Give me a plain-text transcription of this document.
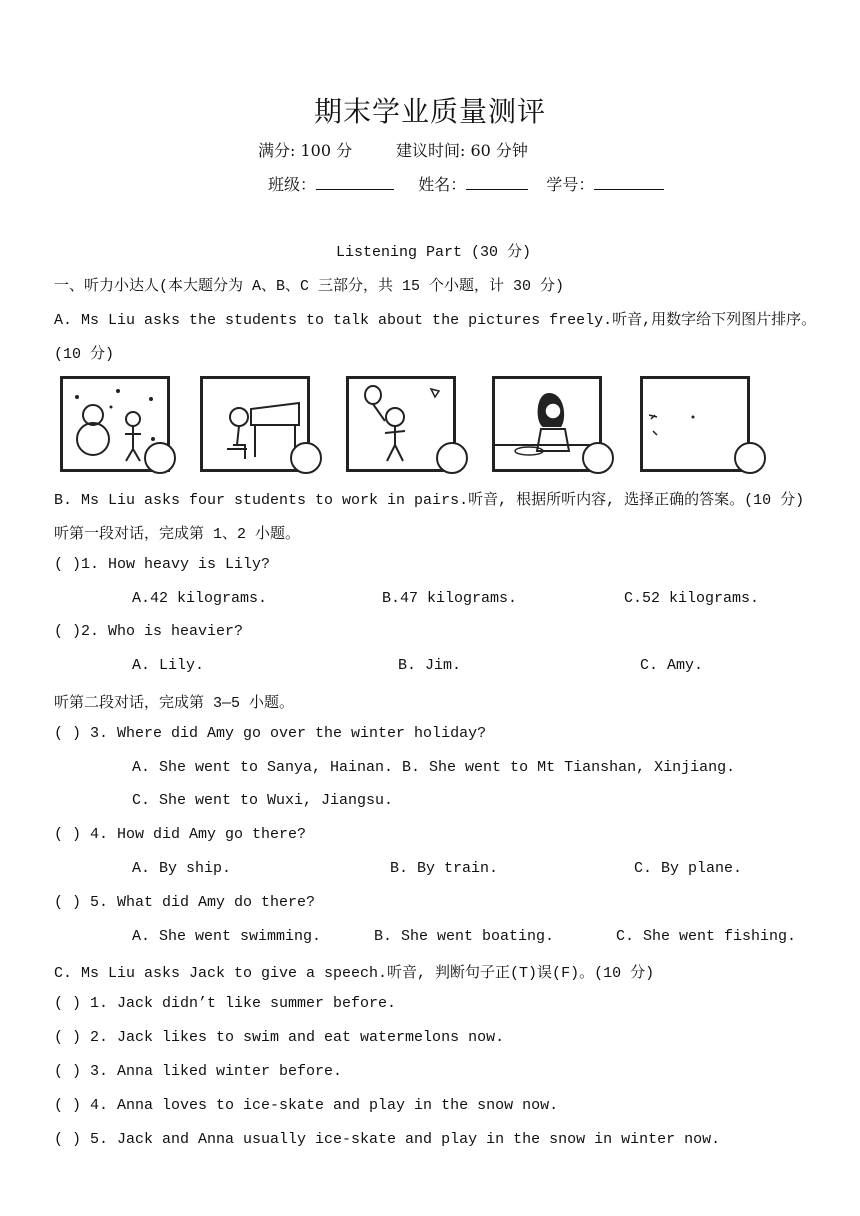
期末学业质量测评
满分: 100 分	建议时间: 60 分钟
班级：	姓名：	学号：
Listening Part (30 分)
一、听力小达人(本大题分为 A、B、C 三部分，共 15 个小题，计 30 分)
A. Ms Liu asks the students to talk about the pictures freely.听音,用数字给下列图片排序。
(10 分)
B. Ms Liu asks four students to work in pairs.听音, 根据所听内容, 选择正确的答案。(10 分)
听第一段对话，完成第 1、2 小题。
( )1. How heavy is Lily?
A.42 kilograms.	B.47 kilograms.	C.52 kilograms.
( )2. Who is heavier?
A. Lily.	B. Jim.	C. Amy.
听第二段对话，完成第 3—5 小题。
( ) 3. Where did Amy go over the winter holiday?
A. She went to Sanya, Hainan. B. She went to Mt Tianshan, Xinjiang.
C. She went to Wuxi, Jiangsu.
( ) 4. How did Amy go there?
A. By ship.	B. By train.	C. By plane.
( ) 5. What did Amy do there?
A. She went swimming.	B. She went boating.	C. She went fishing.
C. Ms Liu asks Jack to give a speech.听音, 判断句子正(T)误(F)。(10 分)
( ) 1. Jack didn’t like summer before.
( ) 2. Jack likes to swim and eat watermelons now.
( ) 3. Anna liked winter before.
( ) 4. Anna loves to ice-skate and play in the snow now.
( ) 5. Jack and Anna usually ice-skate and play in the snow in winter now.
